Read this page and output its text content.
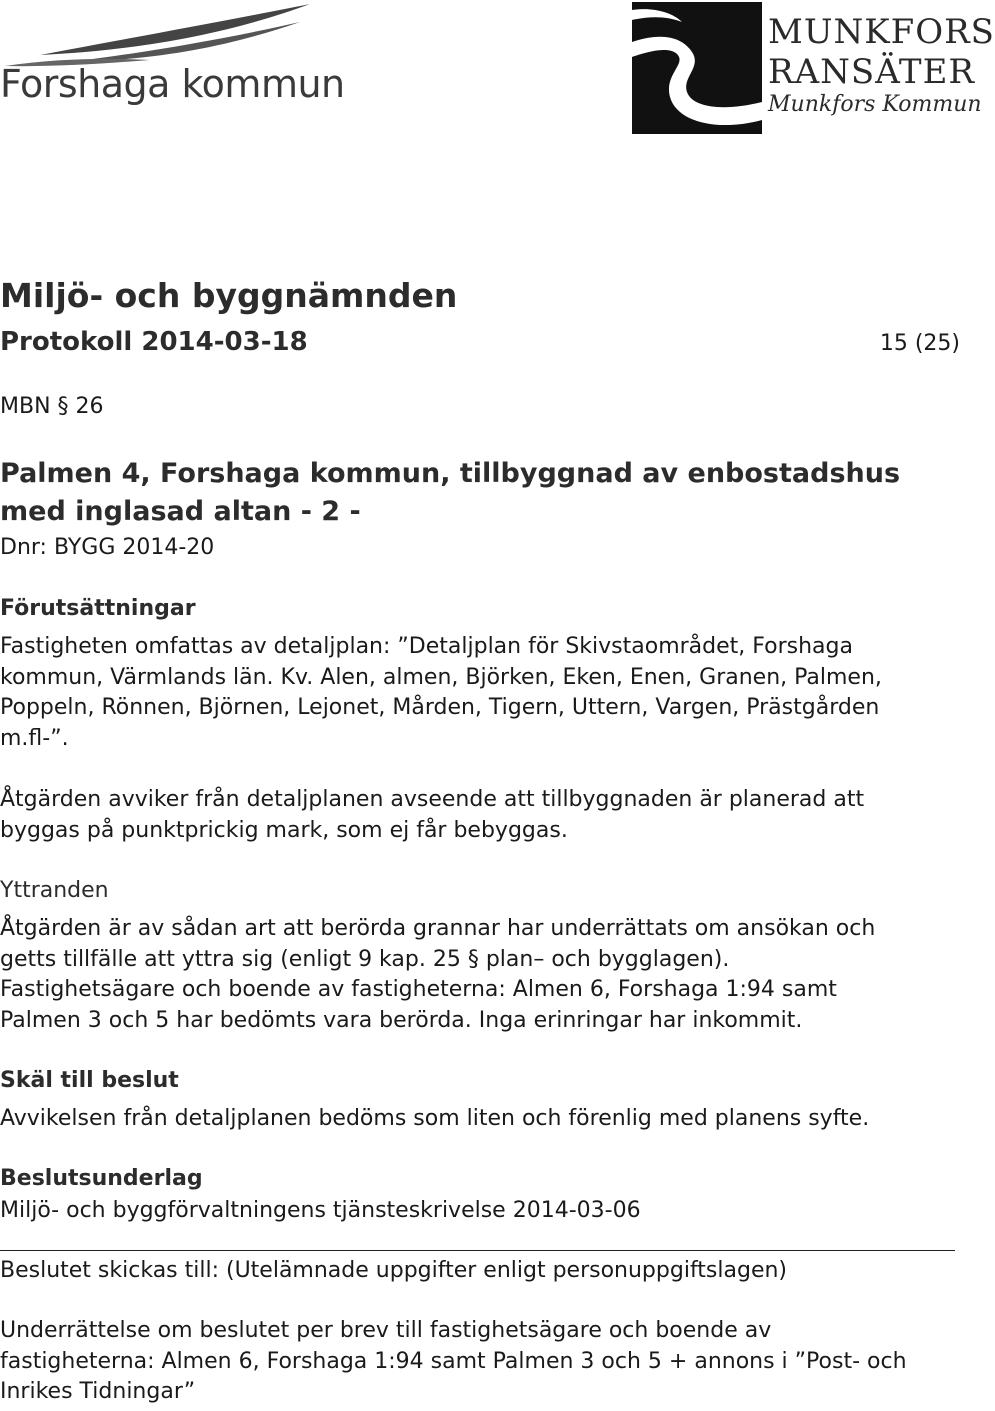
Forshaga kommun
MUNKFORS
RANSÄTER
Munkfors Kommun
Miljö- och byggnämnden
Protokoll 2014-03-18	15 (25)
MBN § 26
Palmen 4, Forshaga kommun, tillbyggnad av enbostadshus med inglasad altan - 2 -
Dnr: BYGG 2014-20
Förutsättningar
Fastigheten omfattas av detaljplan: ”Detaljplan för Skivstaområdet, Forshaga
kommun, Värmlands län. Kv. Alen, almen, Björken, Eken, Enen, Granen, Palmen,
Poppeln, Rönnen, Björnen, Lejonet, Mården, Tigern, Uttern, Vargen, Prästgården
m.fl-”.
Åtgärden avviker från detaljplanen avseende att tillbyggnaden är planerad att
byggas på punktprickig mark, som ej får bebyggas.
Yttranden
Åtgärden är av sådan art att berörda grannar har underrättats om ansökan och
getts tillfälle att yttra sig (enligt 9 kap. 25 § plan– och bygglagen).
Fastighetsägare och boende av fastigheterna: Almen 6, Forshaga 1:94 samt
Palmen 3 och 5 har bedömts vara berörda. Inga erinringar har inkommit.
Skäl till beslut
Avvikelsen från detaljplanen bedöms som liten och förenlig med planens syfte.
Beslutsunderlag
Miljö- och byggförvaltningens tjänsteskrivelse 2014-03-06
Beslutet skickas till: (Utelämnade uppgifter enligt personuppgiftslagen)
Underrättelse om beslutet per brev till fastighetsägare och boende av
fastigheterna: Almen 6, Forshaga 1:94 samt Palmen 3 och 5 + annons i ”Post- och
Inrikes Tidningar”
